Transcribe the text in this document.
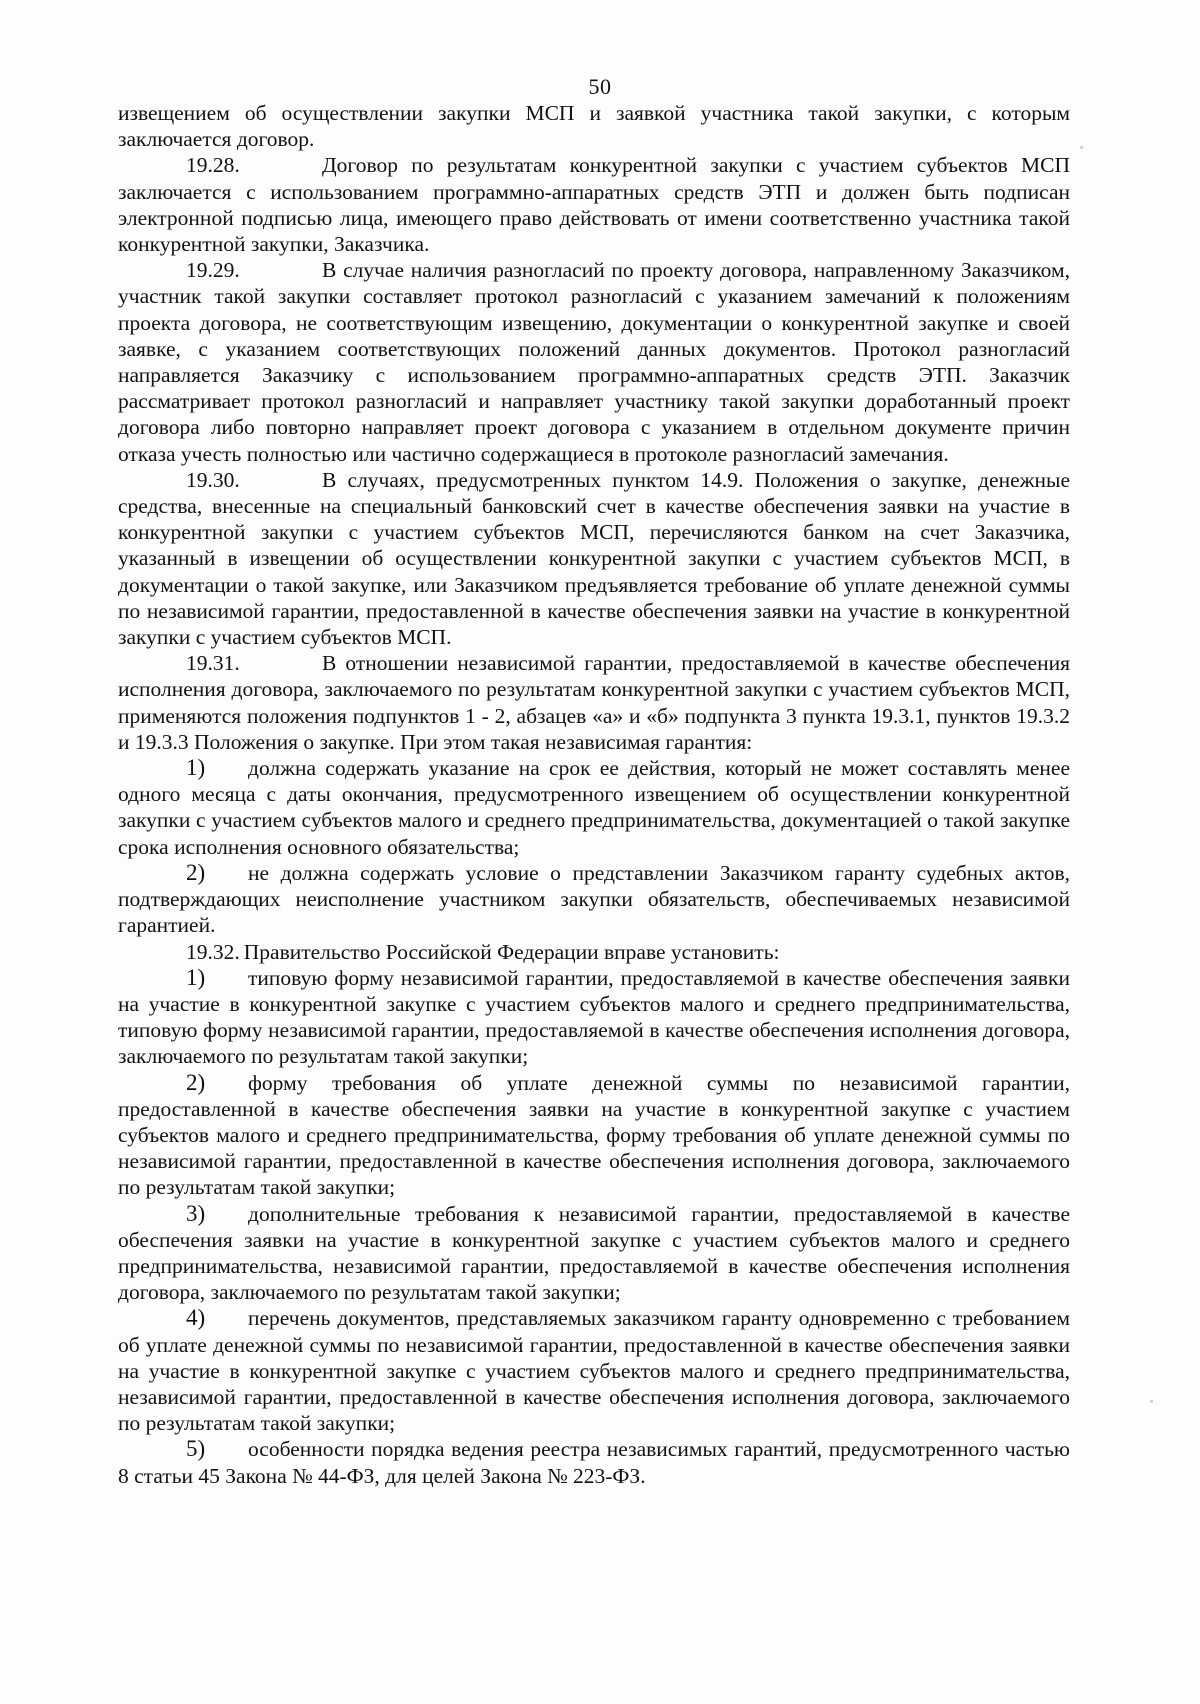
50

извещением об осуществлении закупки МСП и заявкой участника такой закупки, с которым заключается договор.

19.28.	Договор по результатам конкурентной закупки с участием субъектов МСП заключается с использованием программно-аппаратных средств ЭТП и должен быть подписан электронной подписью лица, имеющего право действовать от имени соответственно участника такой конкурентной закупки, Заказчика.

19.29.	В случае наличия разногласий по проекту договора, направленному Заказчиком, участник такой закупки составляет протокол разногласий с указанием замечаний к положениям проекта договора, не соответствующим извещению, документации о конкурентной закупке и своей заявке, с указанием соответствующих положений данных документов. Протокол разногласий направляется Заказчику с использованием программно-аппаратных средств ЭТП. Заказчик рассматривает протокол разногласий и направляет участнику такой закупки доработанный проект договора либо повторно направляет проект договора с указанием в отдельном документе причин отказа учесть полностью или частично содержащиеся в протоколе разногласий замечания.

19.30.	В случаях, предусмотренных пунктом 14.9. Положения о закупке, денежные средства, внесенные на специальный банковский счет в качестве обеспечения заявки на участие в конкурентной закупки с участием субъектов МСП, перечисляются банком на счет Заказчика, указанный в извещении об осуществлении конкурентной закупки с участием субъектов МСП, в документации о такой закупке, или Заказчиком предъявляется требование об уплате денежной суммы по независимой гарантии, предоставленной в качестве обеспечения заявки на участие в конкурентной закупки с участием субъектов МСП.

19.31.	В отношении независимой гарантии, предоставляемой в качестве обеспечения исполнения договора, заключаемого по результатам конкурентной закупки с участием субъектов МСП, применяются положения подпунктов 1 - 2, абзацев «а» и «б» подпункта 3 пункта 19.3.1, пунктов 19.3.2 и 19.3.3 Положения о закупке. При этом такая независимая гарантия:

1) должна содержать указание на срок ее действия, который не может составлять менее одного месяца с даты окончания, предусмотренного извещением об осуществлении конкурентной закупки с участием субъектов малого и среднего предпринимательства, документацией о такой закупке срока исполнения основного обязательства;

2) не должна содержать условие о представлении Заказчиком гаранту судебных актов, подтверждающих неисполнение участником закупки обязательств, обеспечиваемых независимой гарантией.

19.32. Правительство Российской Федерации вправе установить:

1) типовую форму независимой гарантии, предоставляемой в качестве обеспечения заявки на участие в конкурентной закупке с участием субъектов малого и среднего предпринимательства, типовую форму независимой гарантии, предоставляемой в качестве обеспечения исполнения договора, заключаемого по результатам такой закупки;

2) форму требования об уплате денежной суммы по независимой гарантии, предоставленной в качестве обеспечения заявки на участие в конкурентной закупке с участием субъектов малого и среднего предпринимательства, форму требования об уплате денежной суммы по независимой гарантии, предоставленной в качестве обеспечения исполнения договора, заключаемого по результатам такой закупки;

3) дополнительные требования к независимой гарантии, предоставляемой в качестве обеспечения заявки на участие в конкурентной закупке с участием субъектов малого и среднего предпринимательства, независимой гарантии, предоставляемой в качестве обеспечения исполнения договора, заключаемого по результатам такой закупки;

4) перечень документов, представляемых заказчиком гаранту одновременно с требованием об уплате денежной суммы по независимой гарантии, предоставленной в качестве обеспечения заявки на участие в конкурентной закупке с участием субъектов малого и среднего предпринимательства, независимой гарантии, предоставленной в качестве обеспечения исполнения договора, заключаемого по результатам такой закупки;

5) особенности порядка ведения реестра независимых гарантий, предусмотренного частью 8 статьи 45 Закона № 44-ФЗ, для целей Закона № 223-ФЗ.
